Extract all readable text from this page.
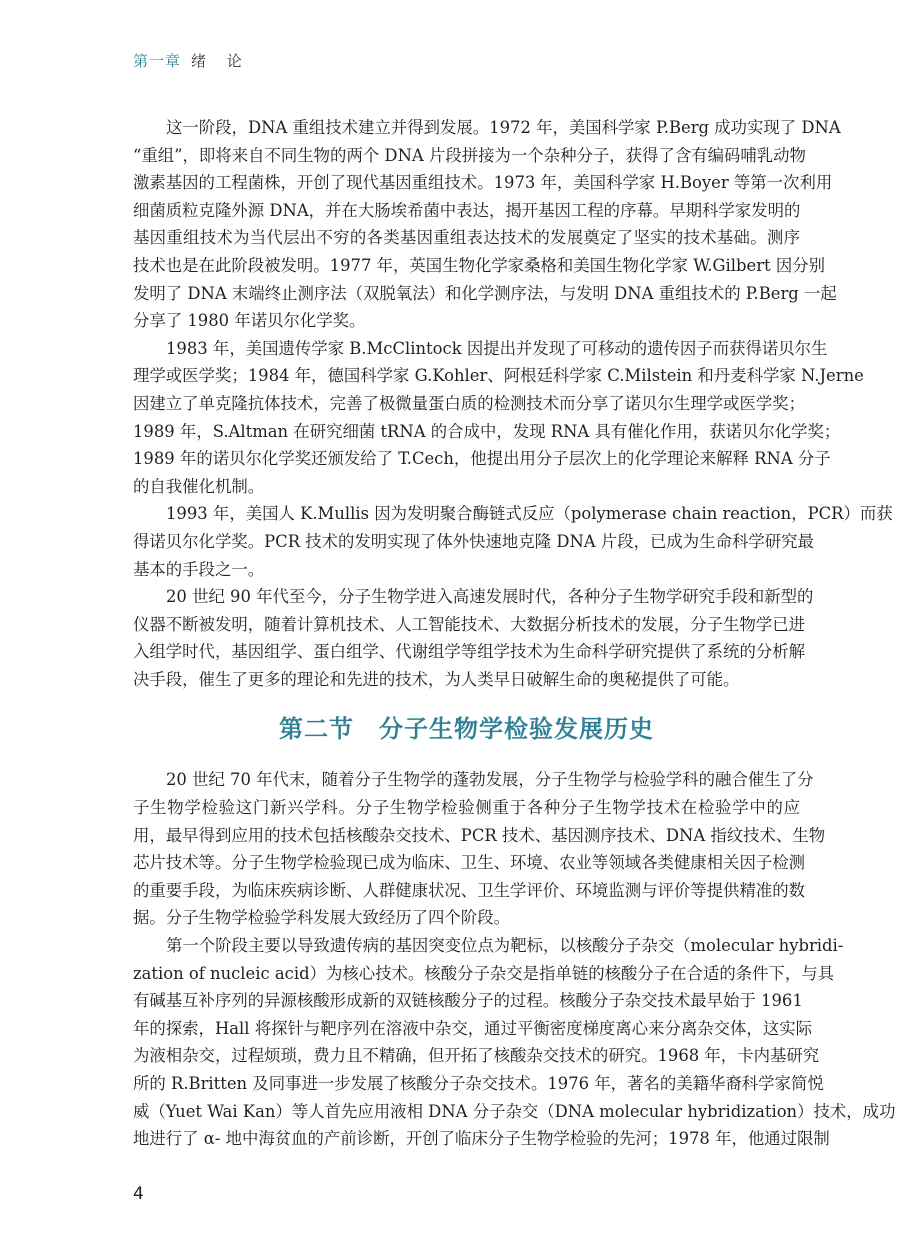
第一章 绪 论
这一阶段，DNA 重组技术建立并得到发展。1972 年，美国科学家 P.Berg 成功实现了 DNA
“重组”，即将来自不同生物的两个 DNA 片段拼接为一个杂种分子，获得了含有编码哺乳动物
激素基因的工程菌株，开创了现代基因重组技术。1973 年，美国科学家 H.Boyer 等第一次利用
细菌质粒克隆外源 DNA，并在大肠埃希菌中表达，揭开基因工程的序幕。早期科学家发明的
基因重组技术为当代层出不穷的各类基因重组表达技术的发展奠定了坚实的技术基础。测序
技术也是在此阶段被发明。1977 年，英国生物化学家桑格和美国生物化学家 W.Gilbert 因分别
发明了 DNA 末端终止测序法（双脱氧法）和化学测序法，与发明 DNA 重组技术的 P.Berg 一起
分享了 1980 年诺贝尔化学奖。
1983 年，美国遗传学家 B.McClintock 因提出并发现了可移动的遗传因子而获得诺贝尔生
理学或医学奖；1984 年，德国科学家 G.Kohler、阿根廷科学家 C.Milstein 和丹麦科学家 N.Jerne
因建立了单克隆抗体技术，完善了极微量蛋白质的检测技术而分享了诺贝尔生理学或医学奖；
1989 年，S.Altman 在研究细菌 tRNA 的合成中，发现 RNA 具有催化作用，获诺贝尔化学奖；
1989 年的诺贝尔化学奖还颁发给了 T.Cech，他提出用分子层次上的化学理论来解释 RNA 分子
的自我催化机制。
1993 年，美国人 K.Mullis 因为发明聚合酶链式反应（polymerase chain reaction，PCR）而获
得诺贝尔化学奖。PCR 技术的发明实现了体外快速地克隆 DNA 片段，已成为生命科学研究最
基本的手段之一。
20 世纪 90 年代至今，分子生物学进入高速发展时代，各种分子生物学研究手段和新型的
仪器不断被发明，随着计算机技术、人工智能技术、大数据分析技术的发展，分子生物学已进
入组学时代，基因组学、蛋白组学、代谢组学等组学技术为生命科学研究提供了系统的分析解
决手段，催生了更多的理论和先进的技术，为人类早日破解生命的奥秘提供了可能。
第二节　分子生物学检验发展历史
20 世纪 70 年代末，随着分子生物学的蓬勃发展，分子生物学与检验学科的融合催生了分
子生物学检验这门新兴学科。分子生物学检验侧重于各种分子生物学技术在检验学中的应
用，最早得到应用的技术包括核酸杂交技术、PCR 技术、基因测序技术、DNA 指纹技术、生物
芯片技术等。分子生物学检验现已成为临床、卫生、环境、农业等领域各类健康相关因子检测
的重要手段，为临床疾病诊断、人群健康状况、卫生学评价、环境监测与评价等提供精准的数
据。分子生物学检验学科发展大致经历了四个阶段。
第一个阶段主要以导致遗传病的基因突变位点为靶标，以核酸分子杂交（molecular hybridi-
zation of nucleic acid）为核心技术。核酸分子杂交是指单链的核酸分子在合适的条件下，与具
有碱基互补序列的异源核酸形成新的双链核酸分子的过程。核酸分子杂交技术最早始于 1961
年的探索，Hall 将探针与靶序列在溶液中杂交，通过平衡密度梯度离心来分离杂交体，这实际
为液相杂交，过程烦琐，费力且不精确，但开拓了核酸杂交技术的研究。1968 年，卡内基研究
所的 R.Britten 及同事进一步发展了核酸分子杂交技术。1976 年，著名的美籍华裔科学家简悦
威（Yuet Wai Kan）等人首先应用液相 DNA 分子杂交（DNA molecular hybridization）技术，成功
地进行了 α- 地中海贫血的产前诊断，开创了临床分子生物学检验的先河；1978 年，他通过限制
4
